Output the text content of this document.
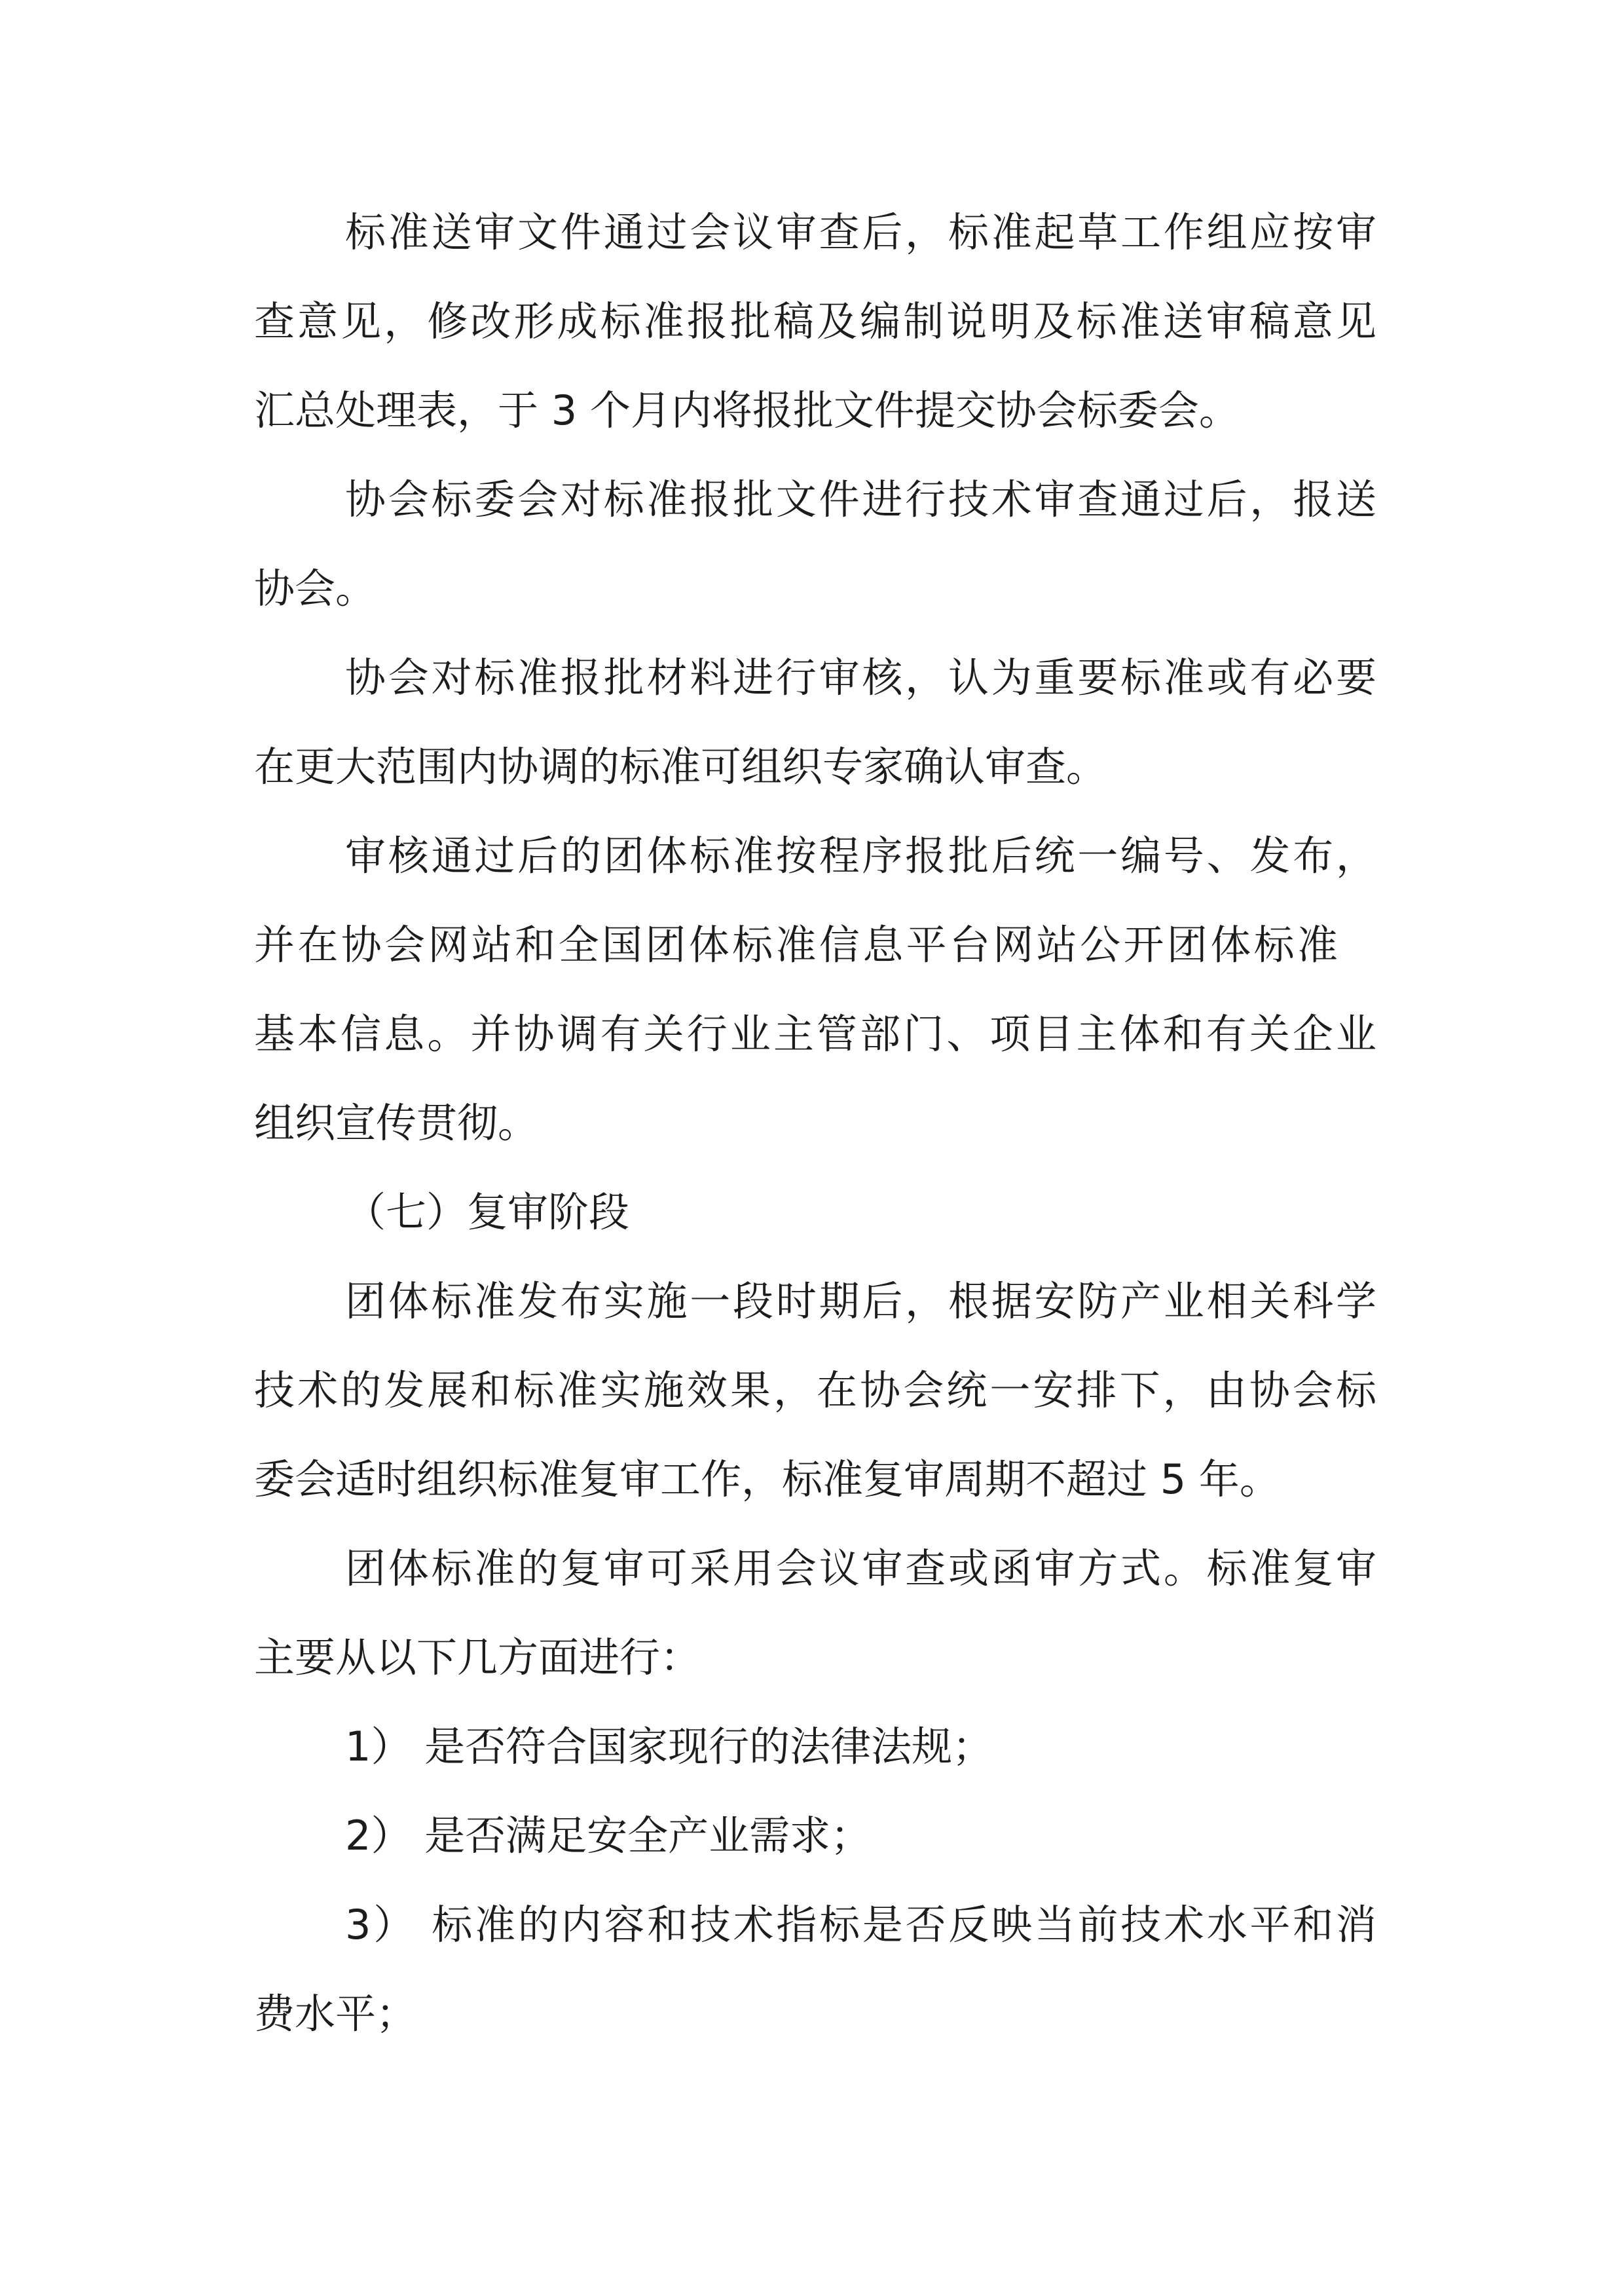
标准送审文件通过会议审查后，标准起草工作组应按审

查意见，修改形成标准报批稿及编制说明及标准送审稿意见

汇总处理表，于 3 个月内将报批文件提交协会标委会。

协会标委会对标准报批文件进行技术审查通过后，报送

协会。

协会对标准报批材料进行审核，认为重要标准或有必要

在更大范围内协调的标准可组织专家确认审查。

审核通过后的团体标准按程序报批后统一编号、发布，

并在协会网站和全国团体标准信息平台网站公开团体标准

基本信息。并协调有关行业主管部门、项目主体和有关企业

组织宣传贯彻。

（七）复审阶段

团体标准发布实施一段时期后，根据安防产业相关科学

技术的发展和标准实施效果，在协会统一安排下，由协会标

委会适时组织标准复审工作，标准复审周期不超过 5 年。

团体标准的复审可采用会议审查或函审方式。标准复审

主要从以下几方面进行：

1） 是否符合国家现行的法律法规；

2） 是否满足安全产业需求；

3） 标准的内容和技术指标是否反映当前技术水平和消

费水平；
